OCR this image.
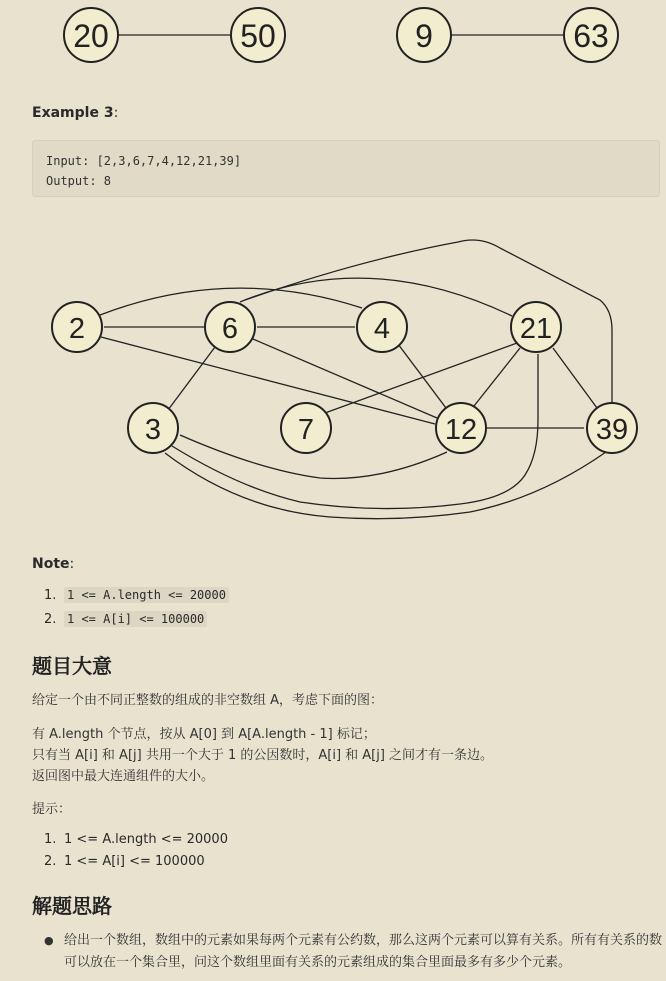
20	50	9	63
Example 3:
Input: [2,3,6,7,4,12,21,39]
Output: 8
2	6	4	21
3	7	12	39
Note:
1. 1 <= A.length <= 20000
2. 1 <= A[i] <= 100000
题目大意
给定一个由不同正整数的组成的非空数组 A，考虑下面的图：
有 A.length 个节点，按从 A[0] 到 A[A.length - 1] 标记；
只有当 A[i] 和 A[j] 共用一个大于 1 的公因数时，A[i] 和 A[j] 之间才有一条边。
返回图中最大连通组件的大小。
提示：
1. 1 <= A.length <= 20000
2. 1 <= A[i] <= 100000
解题思路
● 给出一个数组，数组中的元素如果每两个元素有公约数，那么这两个元素可以算有关系。所有有关系的数可以放在一个集合里，问这个数组里面有关系的元素组成的集合里面最多有多少个元素。
